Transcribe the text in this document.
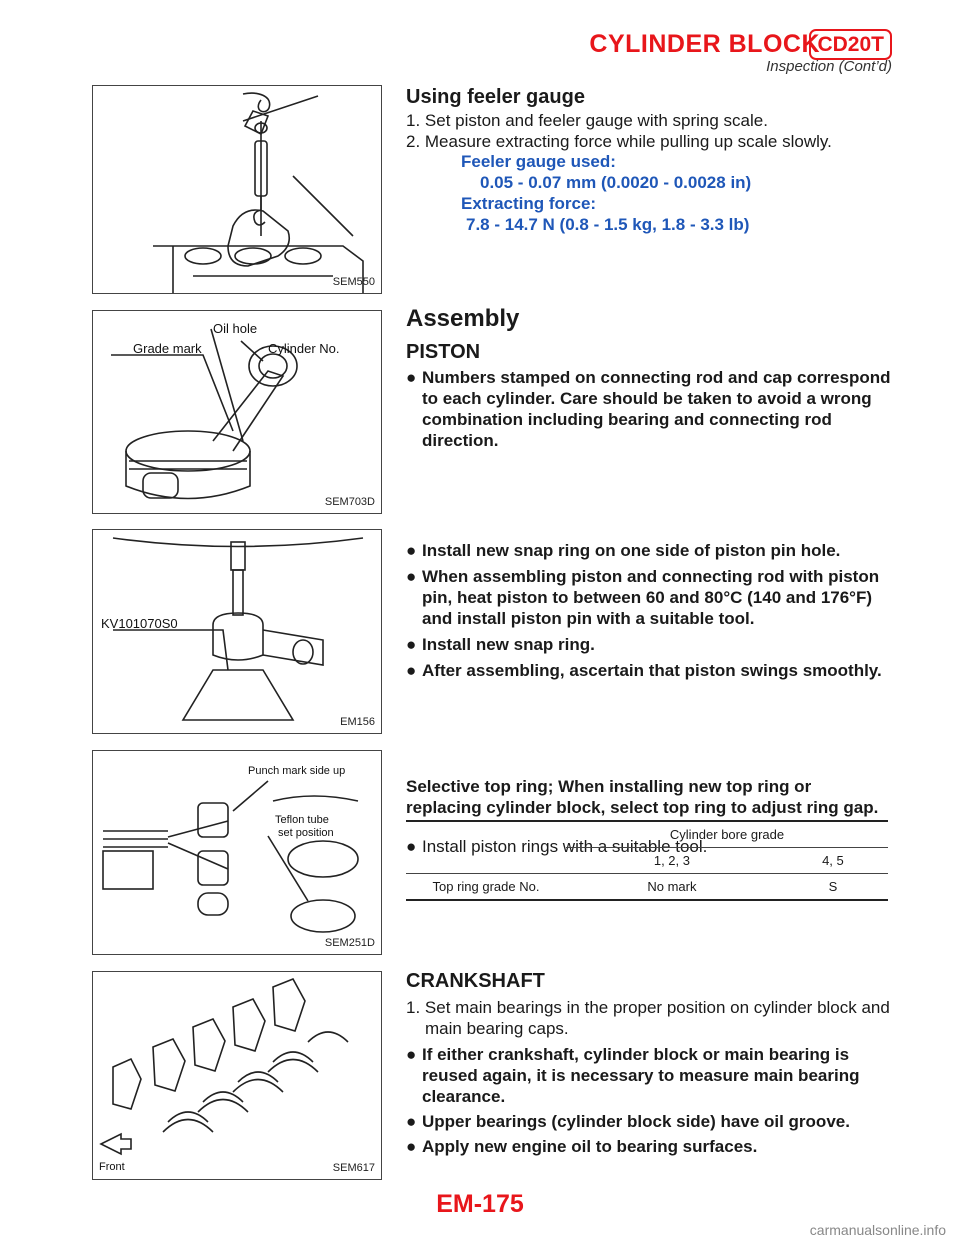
CYLINDER BLOCK
CD20T
Inspection (Cont’d)
SEM550
Grade mark
Oil hole
Cylinder No.
SEM703D
KV101070S0
EM156
Punch mark side up
Teflon tube
set position
SEM251D
Front	SEM617
Using feeler gauge
1. Set piston and feeler gauge with spring scale.
2. Measure extracting force while pulling up scale slowly.
Feeler gauge used:
0.05 - 0.07 mm (0.0020 - 0.0028 in)
Extracting force:
7.8 - 14.7 N (0.8 - 1.5 kg, 1.8 - 3.3 lb)
Assembly
PISTON
● Numbers stamped on connecting rod and cap correspond to each cylinder. Care should be taken to avoid a wrong combination including bearing and connecting rod direction.
● Install new snap ring on one side of piston pin hole.
● When assembling piston and connecting rod with piston pin, heat piston to between 60 and 80°C (140 and 176°F) and install piston pin with a suitable tool.
● Install new snap ring.
● After assembling, ascertain that piston swings smoothly.
● Install piston rings with a suitable tool.
Selective top ring; When installing new top ring or replacing cylinder block, select top ring to adjust ring gap.
	Cylinder bore grade	
	1, 2, 3	4, 5
Top ring grade No.	No mark	S
CRANKSHAFT
1. Set main bearings in the proper position on cylinder block and main bearing caps.
● If either crankshaft, cylinder block or main bearing is reused again, it is necessary to measure main bearing clearance.
● Upper bearings (cylinder block side) have oil groove.
● Apply new engine oil to bearing surfaces.
EM-175
carmanualsonline.info
